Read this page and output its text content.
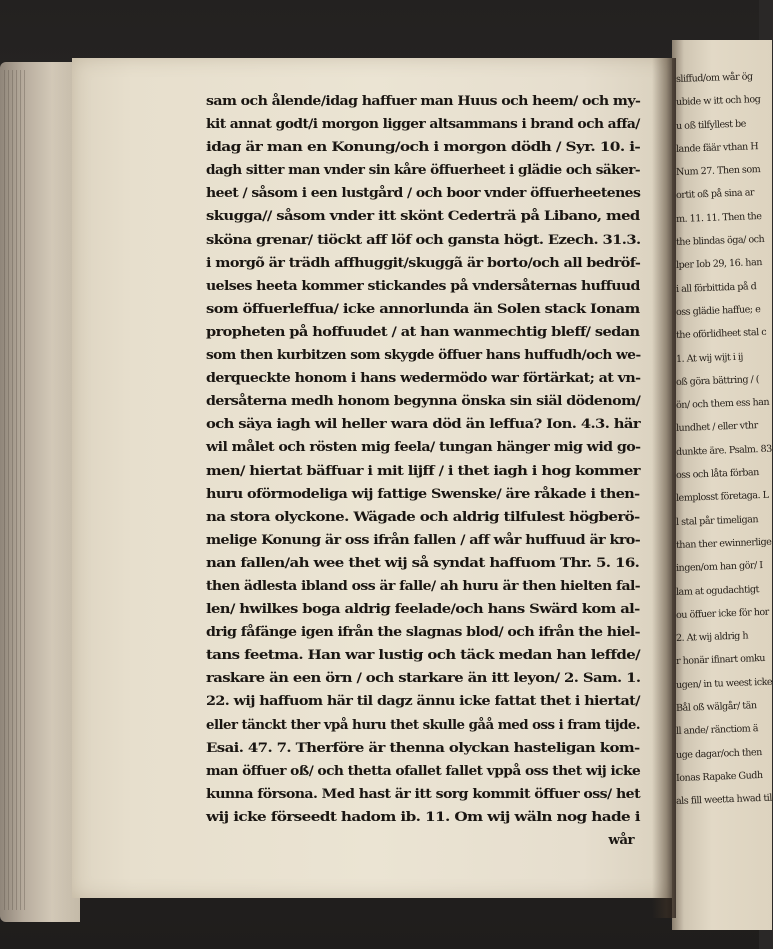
sam och ålende/idag haffuer man Huus och heem/ och my-
kit annat godt/i morgon ligger altsammans i brand och affa/
idag är man en Konung/och i morgon dödh / Syr. 10. i-
dagh sitter man vnder sin kåre öffuerheet i glädie och säker-
heet / såsom i een lustgård / och boor vnder öffuerheetenes
skugga// såsom vnder itt skönt Cederträ på Libano, med
sköna grenar/ tiöckt aff löf och gansta högt. Ezech. 31.3.
i morgõ är trädh affhuggit/skuggã är borto/och all bedröf-
uelses heeta kommer stickandes på vndersåternas huffuud
som öffuerleffua/ icke annorlunda än Solen stack Ionam
propheten på hoffuudet / at han wanmechtig bleff/ sedan
som then kurbitzen som skygde öffuer hans huffudh/och we-
derqueckte honom i hans wedermödo war förtärkat; at vn-
dersåterna medh honom begynna önska sin siäl dödenom/
och säya iagh wil heller wara död än leffua? Ion. 4.3. här
wil målet och rösten mig feela/ tungan hänger mig wid go-
men/ hiertat bäffuar i mit lijff / i thet iagh i hog kommer
huru oförmodeliga wij fattige Swenske/ äre råkade i then-
na stora olyckone. Wägade och aldrig tilfulest högberö-
melige Konung är oss ifrån fallen / aff wår huffuud är kro-
nan fallen/ah wee thet wij så syndat haffuom Thr. 5. 16.
then ädlesta ibland oss är falle/ ah huru är then hielten fal-
len/ hwilkes boga aldrig feelade/och hans Swärd kom al-
drig fåfänge igen ifrån the slagnas blod/ och ifrån the hiel-
tans feetma. Han war lustig och täck medan han leffde/
raskare än een örn / och starkare än itt leyon/ 2. Sam. 1.
22. wij haffuom här til dagz ännu icke fattat thet i hiertat/
eller tänckt ther vpå huru thet skulle gåå med oss i fram tijde.
Esai. 47. 7. Therföre är thenna olyckan hasteligan kom-
man öffuer oß/ och thetta ofallet fallet vppå oss thet wij icke
kunna försona. Med hast är itt sorg kommit öffuer oss/ het
wij icke förseedt hadom ib. 11. Om wij wäln nog hade i
wår
sliffud/om wår ög
ubide w itt och hog
u oß tilfyllest be
lande fäär vthan H
Num 27. Then som
ortit oß på sina ar
m. 11. 11. Then the
the blindas öga/ och
lper Iob 29, 16. han
i all förbittida på d
oss glädie haffue; e
the oförlidheet stal c
1. At wij wijt i ij
oß göra bättring / (
ön/ och them ess han
lundhet / eller vthr
dunkte äre. Psalm. 83
oss och låta förban
lemplosst företaga. L
l stal pår timeligan
than ther ewinnerlige
ingen/om han gör/ I
lam at ogudachtigt
ou öffuer icke för hor
2. At wij aldrig h
r honär ifinart omku
ugen/ in tu weest icke
Bål oß wälgår/ tän
ll ande/ ränctiom ä
uge dagar/och then
Ionas Rapake Gudh
als fill weetta hwad til
